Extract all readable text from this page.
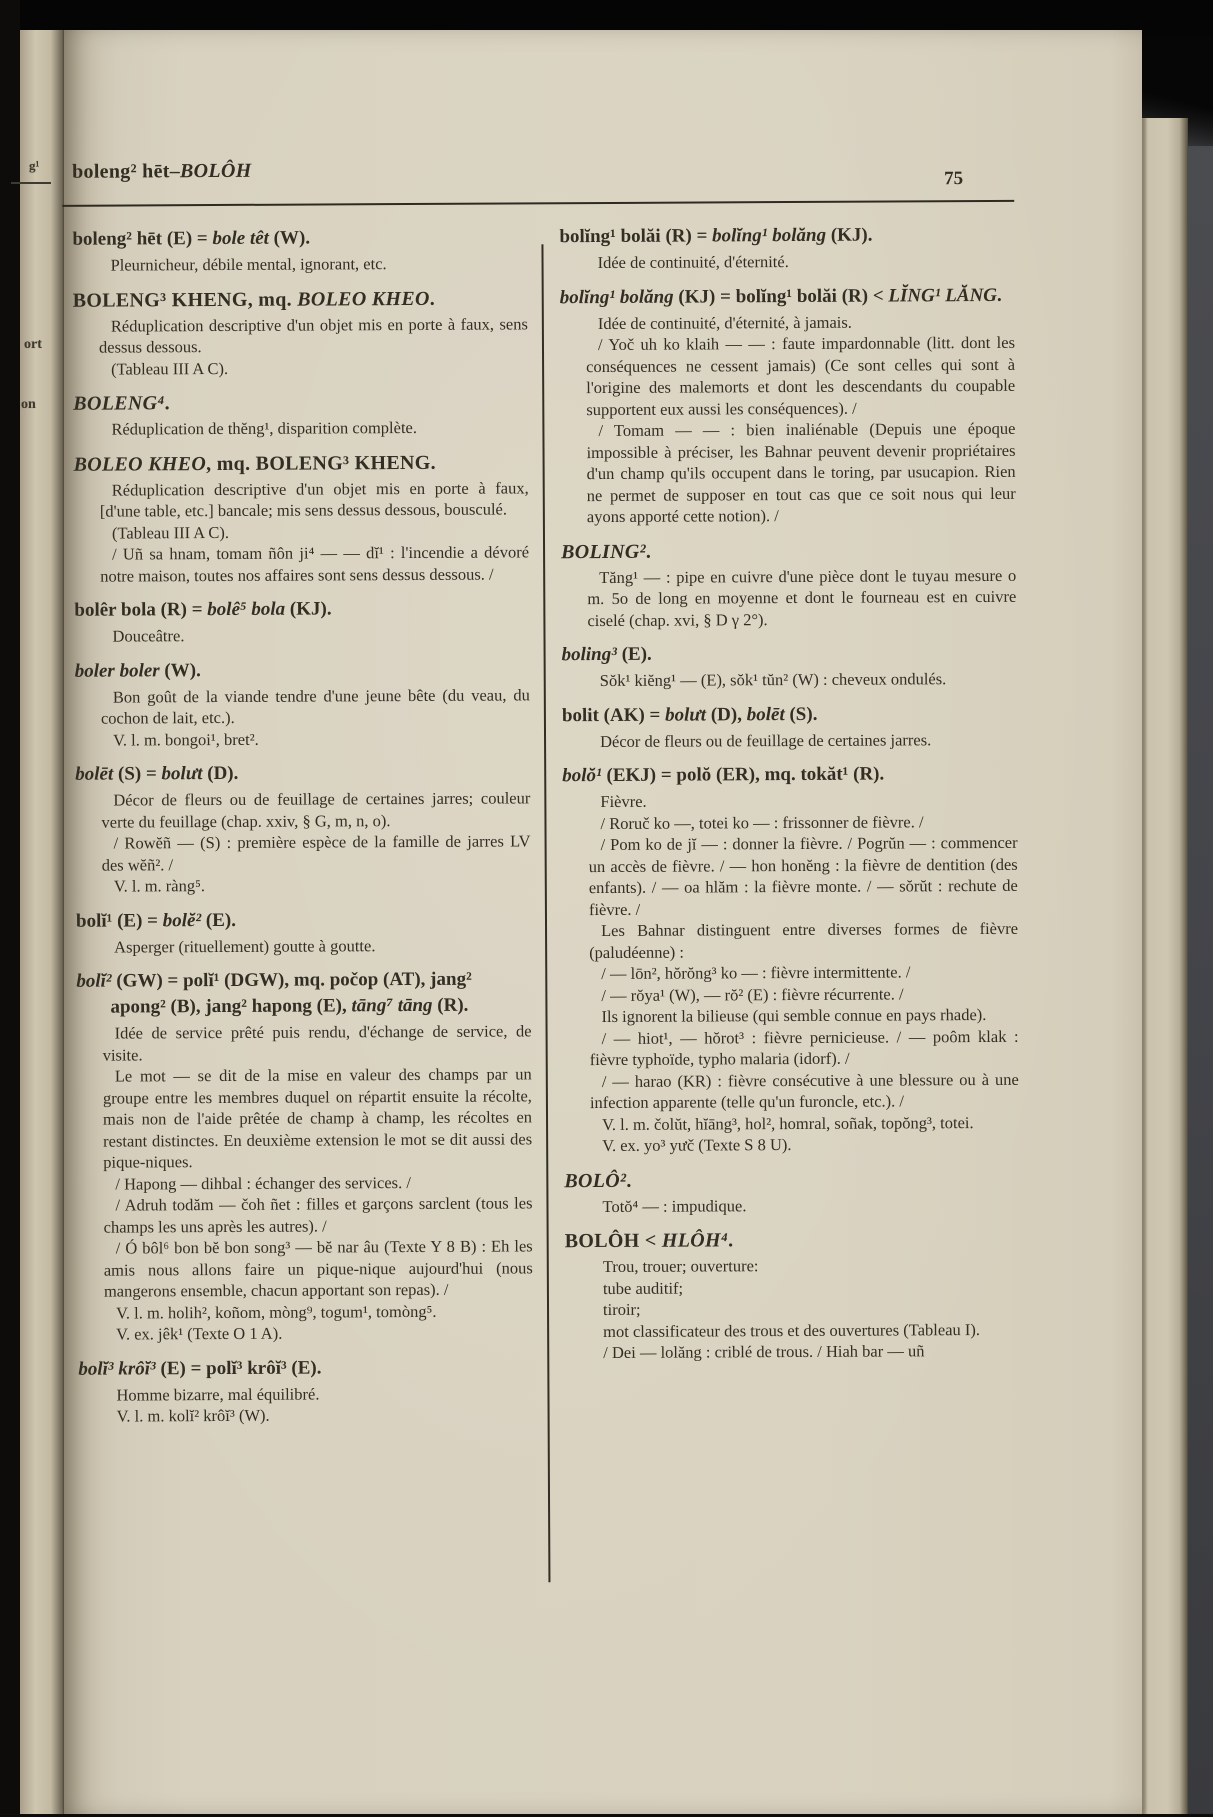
g¹
ort
on
boleng² hēt–BOLÔH	75
boleng² hēt (E) = bole têt (W).
Pleurnicheur, débile mental, ignorant, etc.
BOLENG³ KHENG, mq. BOLEO KHEO.
Réduplication descriptive d'un objet mis en porte à faux, sens dessus dessous.
(Tableau III A C).
BOLENG⁴.
Réduplication de thĕng¹, disparition complète.
BOLEO KHEO, mq. BOLENG³ KHENG.
Réduplication descriptive d'un objet mis en porte à faux, [d'une table, etc.] bancale; mis sens dessus dessous, bousculé.
(Tableau III A C).
/ Uñ sa hnam, tomam ñôn ji⁴ — — dĭ¹ : l'incendie a dévoré notre maison, toutes nos affaires sont sens dessus dessous. /
bolêr bola (R) = bolê⁵ bola (KJ).
Douceâtre.
boler boler (W).
Bon goût de la viande tendre d'une jeune bête (du veau, du cochon de lait, etc.).
V. l. m. bongoi¹, bret².
bolēt (S) = bolưt (D).
Décor de fleurs ou de feuillage de certaines jarres; couleur verte du feuillage (chap. xxiv, § G, m, n, o).
/ Rowĕñ — (S) : première espèce de la famille de jarres LV des wĕñ². /
V. l. m. ràng⁵.
bolĭ¹ (E) = bolĕ² (E).
Asperger (rituellement) goutte à goutte.
bolĭ² (GW) = polĭ¹ (DGW), mq. počop (AT), jang² apong² (B), jang² hapong (E), tāng⁷ tāng (R).
Idée de service prêté puis rendu, d'échange de service, de visite.
Le mot — se dit de la mise en valeur des champs par un groupe entre les membres duquel on répartit ensuite la récolte, mais non de l'aide prêtée de champ à champ, les récoltes en restant distinctes. En deuxième extension le mot se dit aussi des pique-niques.
/ Hapong — dihbal : échanger des services. /
/ Adruh todăm — čoh ñet : filles et garçons sarclent (tous les champs les uns après les autres). /
/ Ó bôl⁶ bon bĕ bon song³ — bĕ nar âu (Texte Y 8 B) : Eh les amis nous allons faire un pique-nique aujourd'hui (nous mangerons ensemble, chacun apportant son repas). /
V. l. m. holih², koñom, mòng⁹, togum¹, tomòng⁵.
V. ex. jêk¹ (Texte O 1 A).
bolĭ³ krôĭ³ (E) = polĭ³ krôĭ³ (E).
Homme bizarre, mal équilibré.
V. l. m. kolĭ² krôĭ³ (W).
bolĭng¹ bolăi (R) = bolĭng¹ bolăng (KJ).
Idée de continuité, d'éternité.
bolĭng¹ bolăng (KJ) = bolĭng¹ bolăi (R) < LĬNG¹ LĂNG.
Idée de continuité, d'éternité, à jamais.
/ Yoč uh ko klaih — — : faute impardonnable (litt. dont les conséquences ne cessent jamais) (Ce sont celles qui sont à l'origine des malemorts et dont les descendants du coupable supportent eux aussi les conséquences). /
/ Tomam — — : bien inaliénable (Depuis une époque impossible à préciser, les Bahnar peuvent devenir propriétaires d'un champ qu'ils occupent dans le toring, par usucapion. Rien ne permet de supposer en tout cas que ce soit nous qui leur ayons apporté cette notion). /
BOLING².
Tăng¹ — : pipe en cuivre d'une pièce dont le tuyau mesure o m. 5o de long en moyenne et dont le fourneau est en cuivre ciselé (chap. xvi, § D γ 2°).
boling³ (E).
Sŏk¹ kiĕng¹ — (E), sŏk¹ tŭn² (W) : cheveux ondulés.
bolit (AK) = bolưt (D), bolēt (S).
Décor de fleurs ou de feuillage de certaines jarres.
bolŏ¹ (EKJ) = polŏ (ER), mq. tokăt¹ (R).
Fièvre.
/ Roruč ko —, totei ko — : frissonner de fièvre. /
/ Pom ko de jĭ — : donner la fièvre. / Pogrŭn — : commencer un accès de fièvre. / — hon honĕng : la fièvre de dentition (des enfants). / — oa hlăm : la fièvre monte. / — sŏrŭt : rechute de fièvre. /
Les Bahnar distinguent entre diverses formes de fièvre (paludéenne) :
/ — lōn², hŏrŏng³ ko — : fièvre intermittente. /
/ — rŏya¹ (W), — rŏ² (E) : fièvre récurrente. /
Ils ignorent la bilieuse (qui semble connue en pays rhade).
/ — hiot¹, — hŏrot³ : fièvre pernicieuse. / — poôm klak : fièvre typhoïde, typho malaria (idorf). /
/ — harao (KR) : fièvre consécutive à une blessure ou à une infection apparente (telle qu'un furoncle, etc.). /
V. l. m. čolŭt, hĭāng³, hol², homral, soñak, topŏng³, totei.
V. ex. yo³ yưč (Texte S 8 U).
BOLÔ².
Totŏ⁴ — : impudique.
BOLÔH < HLÔH⁴.
Trou, trouer; ouverture:
tube auditif;
tiroir;
mot classificateur des trous et des ouvertures (Tableau I).
/ Dei — lolăng : criblé de trous. / Hiah bar — uñ
